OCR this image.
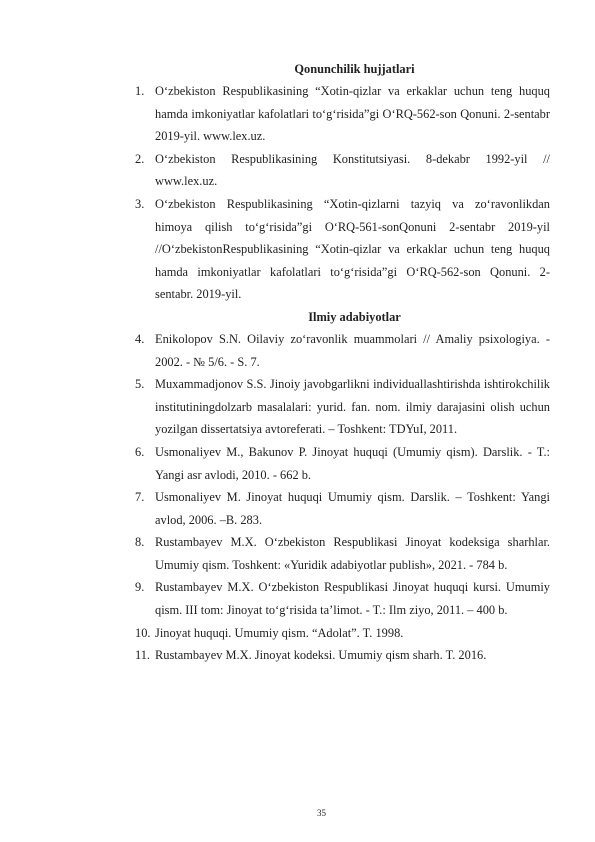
Qonunchilik hujjatlari
1. O‘zbekiston Respublikasining “Xotin-qizlar va erkaklar uchun teng huquq hamda imkoniyatlar kafolatlari to‘g‘risida”gi O‘RQ-562-son Qonuni. 2-sentabr 2019-yil. www.lex.uz.
2. O‘zbekiston Respublikasining Konstitutsiyasi. 8-dekabr 1992-yil // www.lex.uz.
3. O‘zbekiston Respublikasining “Xotin-qizlarni tazyiq va zo‘ravonlikdan himoya qilish to‘g‘risida”gi O‘RQ-561-sonQonuni 2-sentabr 2019-yil //O‘zbekistonRespublikasining “Xotin-qizlar va erkaklar uchun teng huquq hamda imkoniyatlar kafolatlari to‘g‘risida”gi O‘RQ-562-son Qonuni. 2-sentabr. 2019-yil.
Ilmiy adabiyotlar
4. Enikolopov S.N. Oilaviy zo‘ravonlik muammolari // Amaliy psixologiya. - 2002. - № 5/6. - S. 7.
5. Muxammadjonov S.S. Jinoiy javobgarlikni individuallashtirishda ishtirokchilik institutiningdolzarb masalalari: yurid. fan. nom. ilmiy darajasini olish uchun yozilgan dissertatsiya avtoreferati. – Toshkent: TDYuI, 2011.
6. Usmonaliyev M., Bakunov P. Jinoyat huquqi (Umumiy qism). Darslik. - T.: Yangi asr avlodi, 2010. - 662 b.
7. Usmonaliyev M. Jinoyat huquqi Umumiy qism. Darslik. – Toshkent: Yangi avlod, 2006. –B. 283.
8. Rustambayev M.X. O‘zbekiston Respublikasi Jinoyat kodeksiga sharhlar. Umumiy qism. Toshkent: «Yuridik adabiyotlar publish», 2021. - 784 b.
9. Rustambayev M.X. O‘zbekiston Respublikasi Jinoyat huquqi kursi. Umumiy qism. III tom: Jinoyat to‘g‘risida ta’limot. - T.: Ilm ziyo, 2011. – 400 b.
10. Jinoyat huquqi. Umumiy qism. “Adolat”. T. 1998.
11. Rustambayev M.X. Jinoyat kodeksi. Umumiy qism sharh. T. 2016.
35
